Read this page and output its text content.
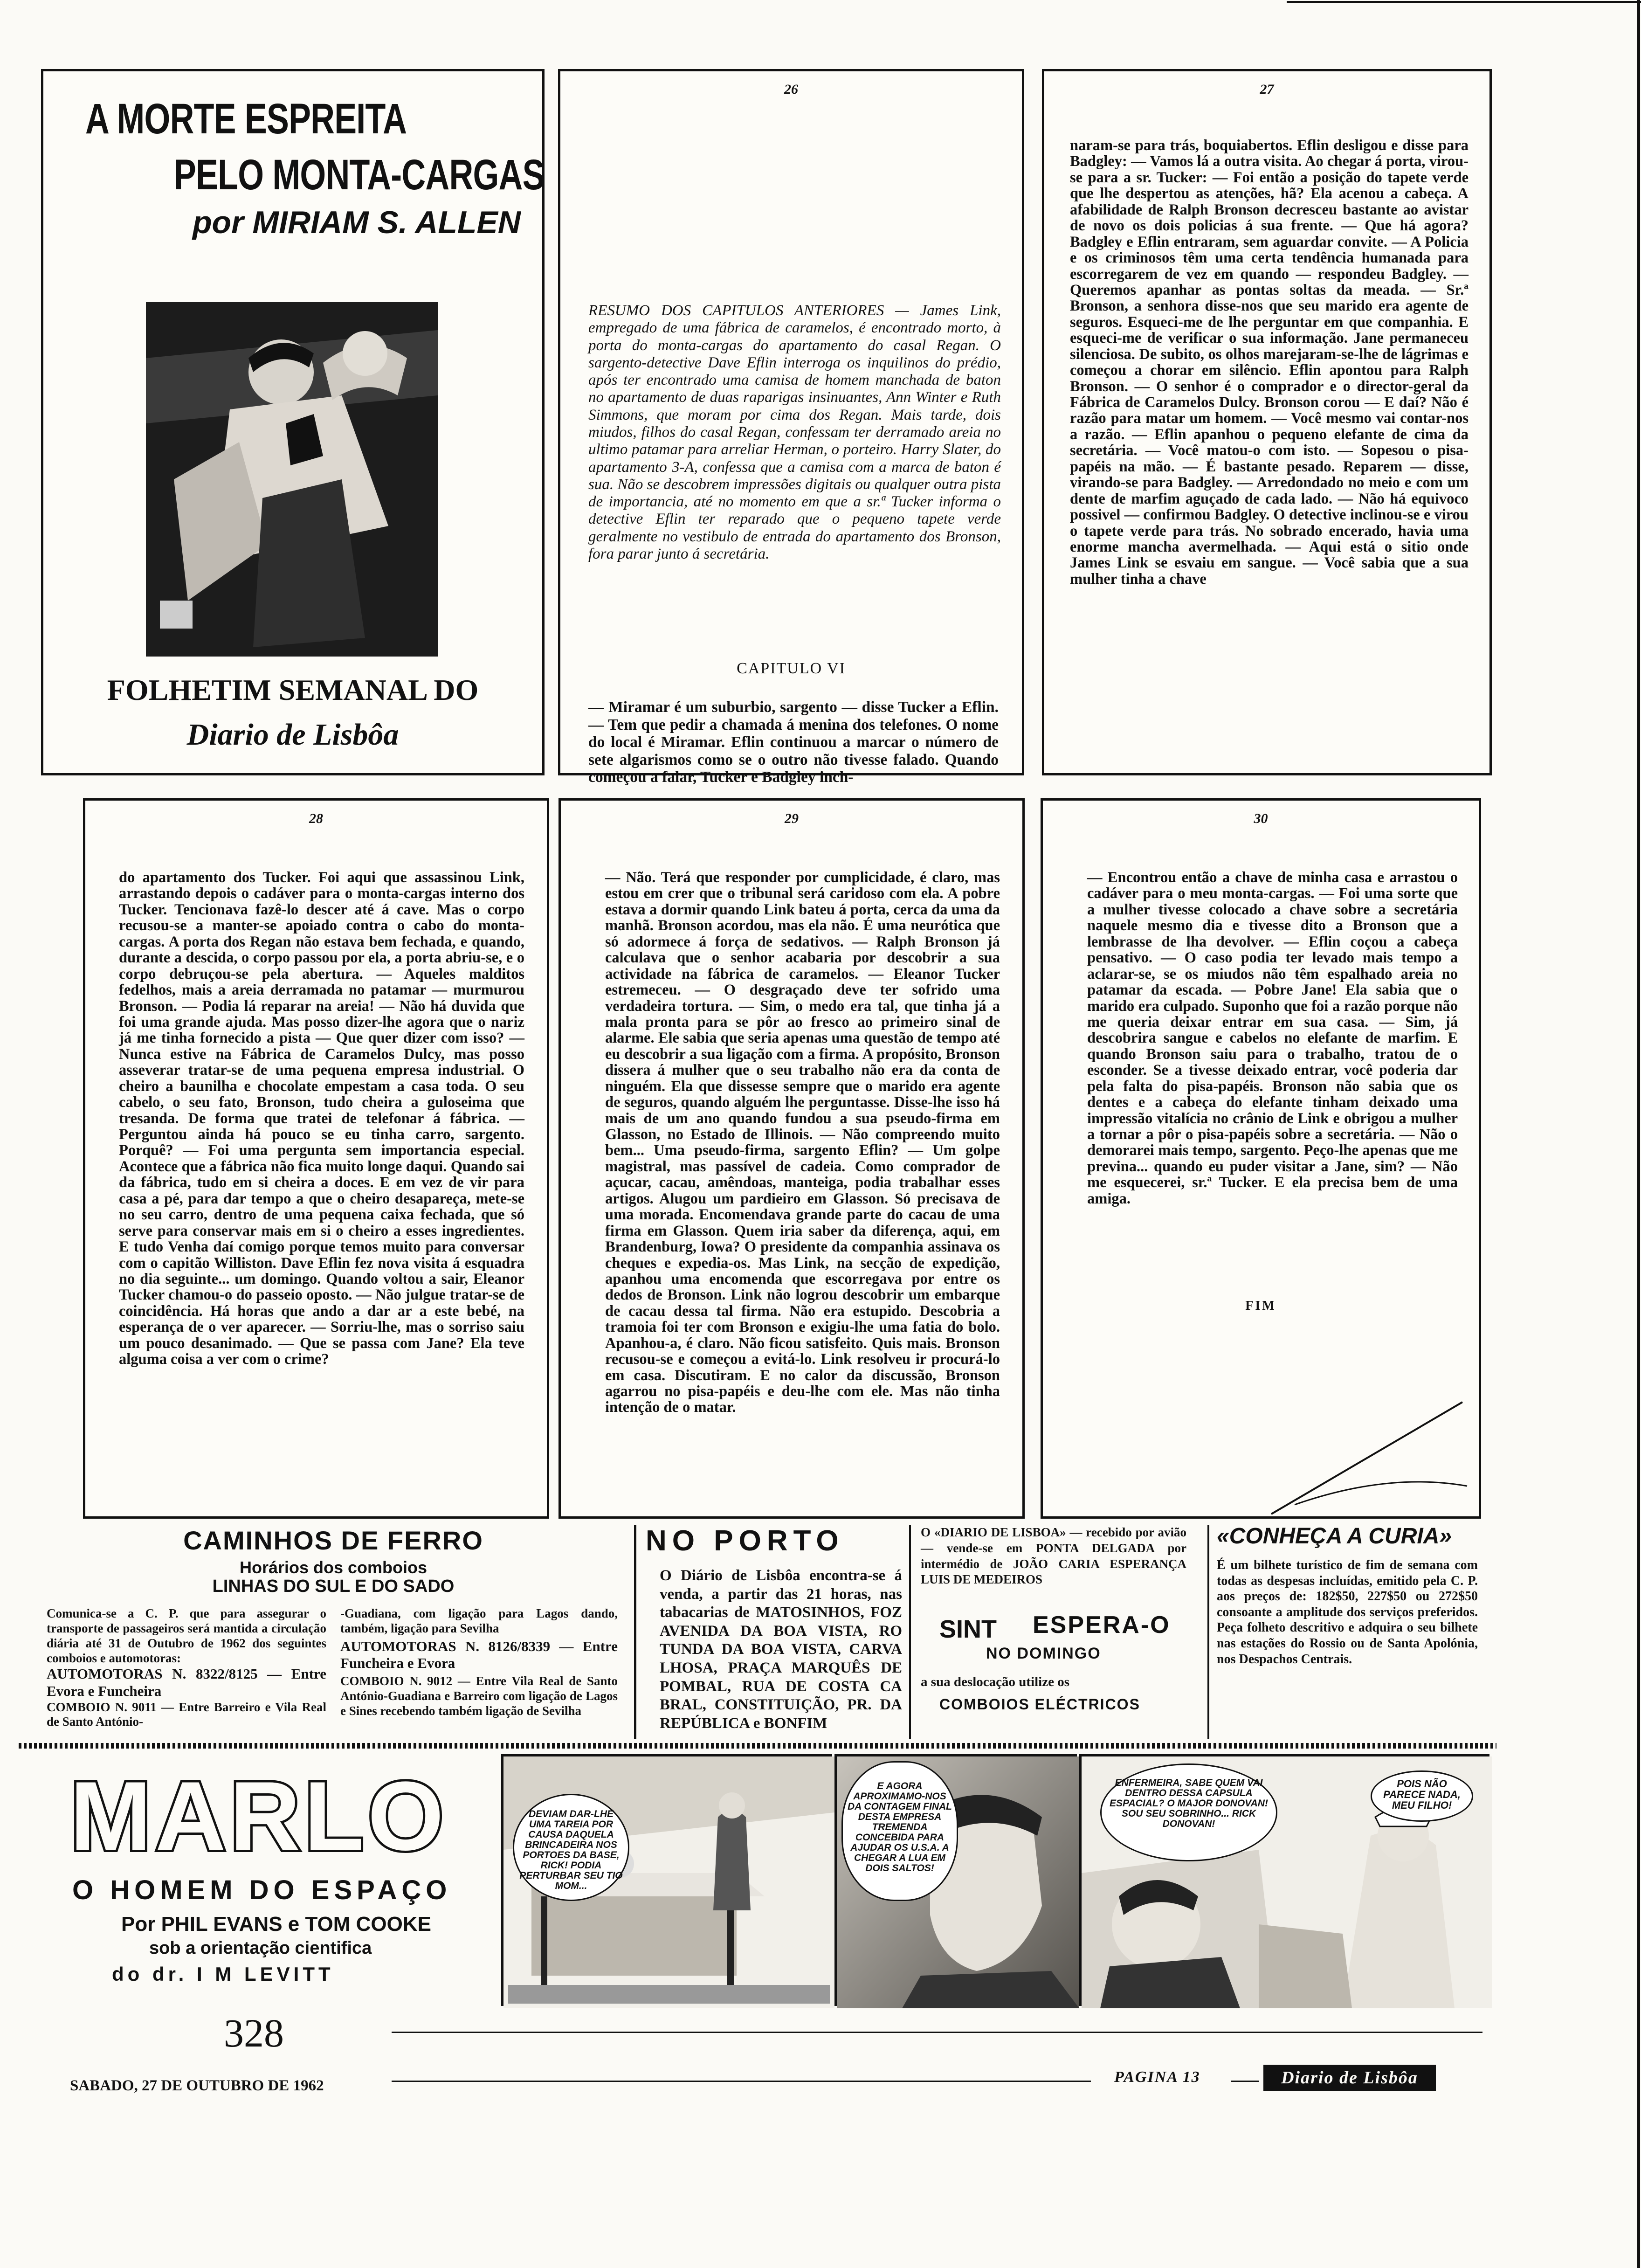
A MORTE ESPREITA
PELO MONTA-CARGAS
por MIRIAM S. ALLEN
FOLHETIM SEMANAL DO
Diario de Lisbôa
26
RESUMO DOS CAPITULOS ANTERIORES — James Link, empregado de uma fábrica de caramelos, é encontrado morto, à porta do monta-cargas do apartamento do casal Regan. O sargento-detective Dave Eflin interroga os inquilinos do prédio, após ter encontrado uma camisa de homem manchada de baton no apartamento de duas raparigas insinuantes, Ann Winter e Ruth Simmons, que moram por cima dos Regan. Mais tarde, dois miudos, filhos do casal Regan, confessam ter derramado areia no ultimo patamar para arreliar Herman, o porteiro. Harry Slater, do apartamento 3-A, confessa que a camisa com a marca de baton é sua. Não se descobrem impressões digitais ou qualquer outra pista de importancia, até no momento em que a sr.ª Tucker informa o detective Eflin ter reparado que o pequeno tapete verde geralmente no vestibulo de entrada do apartamento dos Bronson, fora parar junto á secretária.
CAPITULO VI
— Miramar é um suburbio, sargento — disse Tucker a Eflin. — Tem que pedir a chamada á menina dos telefones. O nome do local é Miramar. Eflin continuou a marcar o número de sete algarismos como se o outro não tivesse falado. Quando começou a falar, Tucker e Badgley inch-
27
naram-se para trás, boquiabertos. Eflin desligou e disse para Badgley: — Vamos lá a outra visita. Ao chegar á porta, virou-se para a sr. Tucker: — Foi então a posição do tapete verde que lhe despertou as atenções, hã? Ela acenou a cabeça. A afabilidade de Ralph Bronson decresceu bastante ao avistar de novo os dois policias á sua frente. — Que há agora? Badgley e Eflin entraram, sem aguardar convite. — A Policia e os criminosos têm uma certa tendência humanada para escorregarem de vez em quando — respondeu Badgley. — Queremos apanhar as pontas soltas da meada. — Sr.ª Bronson, a senhora disse-nos que seu marido era agente de seguros. Esqueci-me de lhe perguntar em que companhia. E esqueci-me de verificar o sua informação. Jane permaneceu silenciosa. De subito, os olhos marejaram-se-lhe de lágrimas e começou a chorar em silêncio. Eflin apontou para Ralph Bronson. — O senhor é o comprador e o director-geral da Fábrica de Caramelos Dulcy. Bronson corou — E daí? Não é razão para matar um homem. — Você mesmo vai contar-nos a razão. — Eflin apanhou o pequeno elefante de cima da secretária. — Você matou-o com isto. — Sopesou o pisa-papéis na mão. — É bastante pesado. Reparem — disse, virando-se para Badgley. — Arredondado no meio e com um dente de marfim aguçado de cada lado. — Não há equivoco possivel — confirmou Badgley. O detective inclinou-se e virou o tapete verde para trás. No sobrado encerado, havia uma enorme mancha avermelhada. — Aqui está o sitio onde James Link se esvaiu em sangue. — Você sabia que a sua mulher tinha a chave
28
do apartamento dos Tucker. Foi aqui que assassinou Link, arrastando depois o cadáver para o monta-cargas interno dos Tucker. Tencionava fazê-lo descer até á cave. Mas o corpo recusou-se a manter-se apoiado contra o cabo do monta-cargas. A porta dos Regan não estava bem fechada, e quando, durante a descida, o corpo passou por ela, a porta abriu-se, e o corpo debruçou-se pela abertura. — Aqueles malditos fedelhos, mais a areia derramada no patamar — murmurou Bronson. — Podia lá reparar na areia! — Não há duvida que foi uma grande ajuda. Mas posso dizer-lhe agora que o nariz já me tinha fornecido a pista — Que quer dizer com isso? — Nunca estive na Fábrica de Caramelos Dulcy, mas posso asseverar tratar-se de uma pequena empresa industrial. O cheiro a baunilha e chocolate empestam a casa toda. O seu cabelo, o seu fato, Bronson, tudo cheira a guloseima que tresanda. De forma que tratei de telefonar á fábrica. — Perguntou ainda há pouco se eu tinha carro, sargento. Porquê? — Foi uma pergunta sem importancia especial. Acontece que a fábrica não fica muito longe daqui. Quando sai da fábrica, tudo em si cheira a doces. E em vez de vir para casa a pé, para dar tempo a que o cheiro desapareça, mete-se no seu carro, dentro de uma pequena caixa fechada, que só serve para conservar mais em si o cheiro a esses ingredientes. E tudo Venha daí comigo porque temos muito para conversar com o capitão Williston. Dave Eflin fez nova visita á esquadra no dia seguinte... um domingo. Quando voltou a sair, Eleanor Tucker chamou-o do passeio oposto. — Não julgue tratar-se de coincidência. Há horas que ando a dar ar a este bebé, na esperança de o ver aparecer. — Sorriu-lhe, mas o sorriso saiu um pouco desanimado. — Que se passa com Jane? Ela teve alguma coisa a ver com o crime?
29
— Não. Terá que responder por cumplicidade, é claro, mas estou em crer que o tribunal será caridoso com ela. A pobre estava a dormir quando Link bateu á porta, cerca da uma da manhã. Bronson acordou, mas ela não. É uma neurótica que só adormece á força de sedativos. — Ralph Bronson já calculava que o senhor acabaria por descobrir a sua actividade na fábrica de caramelos. — Eleanor Tucker estremeceu. — O desgraçado deve ter sofrido uma verdadeira tortura. — Sim, o medo era tal, que tinha já a mala pronta para se pôr ao fresco ao primeiro sinal de alarme. Ele sabia que seria apenas uma questão de tempo até eu descobrir a sua ligação com a firma. A propósito, Bronson dissera á mulher que o seu trabalho não era da conta de ninguém. Ela que dissesse sempre que o marido era agente de seguros, quando alguém lhe perguntasse. Disse-lhe isso há mais de um ano quando fundou a sua pseudo-firma em Glasson, no Estado de Illinois. — Não compreendo muito bem... Uma pseudo-firma, sargento Eflin? — Um golpe magistral, mas passível de cadeia. Como comprador de açucar, cacau, amêndoas, manteiga, podia trabalhar esses artigos. Alugou um pardieiro em Glasson. Só precisava de uma morada. Encomendava grande parte do cacau de uma firma em Glasson. Quem iria saber da diferença, aqui, em Brandenburg, Iowa? O presidente da companhia assinava os cheques e expedia-os. Mas Link, na secção de expedição, apanhou uma encomenda que escorregava por entre os dedos de Bronson. Link não logrou descobrir um embarque de cacau dessa tal firma. Não era estupido. Descobria a tramoia foi ter com Bronson e exigiu-lhe uma fatia do bolo. Apanhou-a, é claro. Não ficou satisfeito. Quis mais. Bronson recusou-se e começou a evitá-lo. Link resolveu ir procurá-lo em casa. Discutiram. E no calor da discussão, Bronson agarrou no pisa-papéis e deu-lhe com ele. Mas não tinha intenção de o matar.
30
— Encontrou então a chave de minha casa e arrastou o cadáver para o meu monta-cargas. — Foi uma sorte que a mulher tivesse colocado a chave sobre a secretária naquele mesmo dia e tivesse dito a Bronson que a lembrasse de lha devolver. — Eflin coçou a cabeça pensativo. — O caso podia ter levado mais tempo a aclarar-se, se os miudos não têm espalhado areia no patamar da escada. — Pobre Jane! Ela sabia que o marido era culpado. Suponho que foi a razão porque não me queria deixar entrar em sua casa. — Sim, já descobrira sangue e cabelos no elefante de marfim. E quando Bronson saiu para o trabalho, tratou de o esconder. Se a tivesse deixado entrar, você poderia dar pela falta do pisa-papéis. Bronson não sabia que os dentes e a cabeça do elefante tinham deixado uma impressão vitalícia no crânio de Link e obrigou a mulher a tornar a pôr o pisa-papéis sobre a secretária. — Não o demorarei mais tempo, sargento. Peço-lhe apenas que me previna... quando eu puder visitar a Jane, sim? — Não me esquecerei, sr.ª Tucker. E ela precisa bem de uma amiga.
FIM
CAMINHOS DE FERRO
Horários dos comboios
LINHAS DO SUL E DO SADO
Comunica-se a C. P. que para assegurar o transporte de passageiros será mantida a circulação diária até 31 de Outubro de 1962 dos seguintes comboios e automotoras:
AUTOMOTORAS N. 8322/8125 — Entre Evora e Funcheira
COMBOIO N. 9011 — Entre Barreiro e Vila Real de Santo António-
-Guadiana, com ligação para Lagos dando, também, ligação para Sevilha
AUTOMOTORAS N. 8126/8339 — Entre Funcheira e Evora
COMBOIO N. 9012 — Entre Vila Real de Santo António-Guadiana e Barreiro com ligação de Lagos e Sines recebendo também ligação de Sevilha
NO PORTO
O Diário de Lisbôa encontra-se á venda, a partir das 21 horas, nas tabacarias de MATOSINHOS, FOZ AVENIDA DA BOA VISTA, RO TUNDA DA BOA VISTA, CARVA LHOSA, PRAÇA MARQUÊS DE POMBAL, RUA DE COSTA CA BRAL, CONSTITUIÇÃO, PR. DA REPÚBLICA e BONFIM
O «DIARIO DE LISBOA» — recebido por avião — vende-se em PONTA DELGADA por intermédio de JOÃO CARIA ESPERANÇA LUIS DE MEDEIROS
SINT ESPERA-O
NO DOMINGO
a sua deslocação utilize os
COMBOIOS ELÉCTRICOS
«CONHEÇA A CURIA»
É um bilhete turístico de fim de semana com todas as despesas incluídas, emitido pela C. P. aos preços de: 182$50, 227$50 ou 272$50 consoante a amplitude dos serviços preferidos. Peça folheto descritivo e adquira o seu bilhete nas estações do Rossio ou de Santa Apolónia, nos Despachos Centrais.
MARLO
O HOMEM DO ESPAÇO
Por PHIL EVANS e TOM COOKE
sob a orientação cientifica
do dr. I M LEVITT
328
DEVIAM DAR-LHE UMA TAREIA POR CAUSA DAQUELA BRINCADEIRA NOS PORTOES DA BASE, RICK! PODIA PERTURBAR SEU TIO MOM...
E AGORA APROXIMAMO-NOS DA CONTAGEM FINAL DESTA EMPRESA TREMENDA CONCEBIDA PARA AJUDAR OS U.S.A. A CHEGAR A LUA EM DOIS SALTOS!
ENFERMEIRA, SABE QUEM VAI DENTRO DESSA CAPSULA ESPACIAL? O MAJOR DONOVAN! SOU SEU SOBRINHO... RICK DONOVAN!
POIS NÃO PARECE NADA, MEU FILHO!
SABADO, 27 DE OUTUBRO DE 1962	PAGINA 13	Diario de Lisbôa
